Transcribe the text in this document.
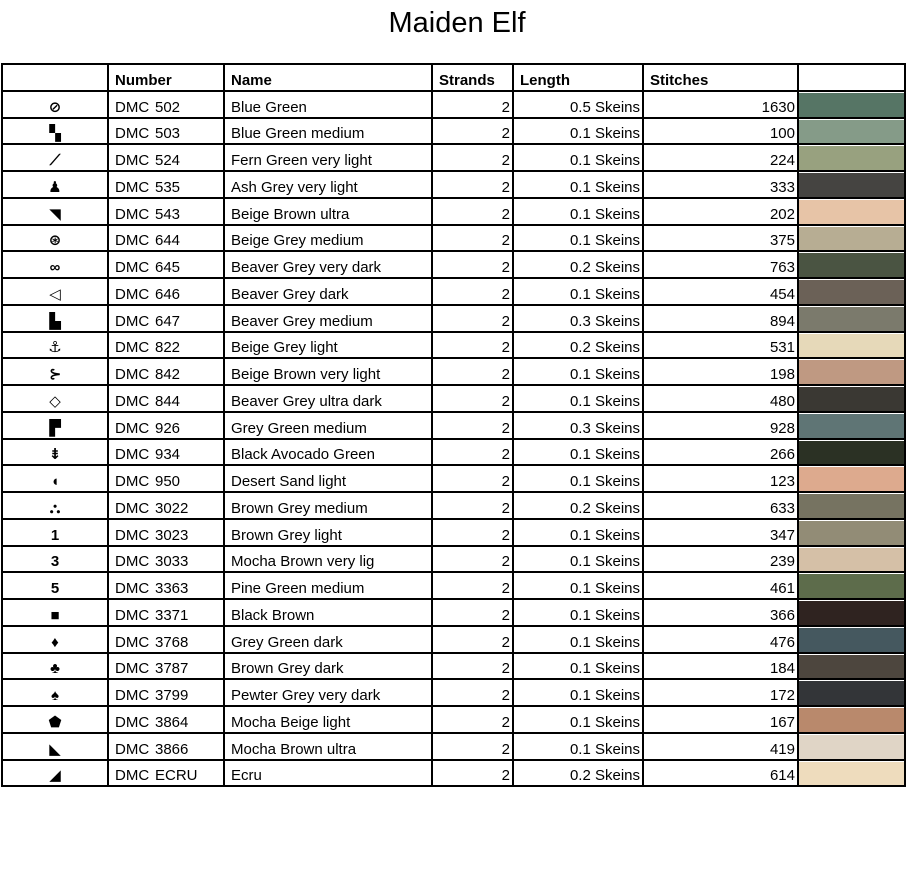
Maiden Elf
	Number	Name	Strands	Length	Stitches	
⊘	DMC 502	Blue Green	2	0.5 Skeins	1630	

▚	DMC 503	Blue Green medium	2	0.1 Skeins	100	

⟋	DMC 524	Fern Green very light	2	0.1 Skeins	224	

♟	DMC 535	Ash Grey very light	2	0.1 Skeins	333	

◥	DMC 543	Beige Brown ultra	2	0.1 Skeins	202	

⊛	DMC 644	Beige Grey medium	2	0.1 Skeins	375	

∞	DMC 645	Beaver Grey very dark	2	0.2 Skeins	763	

◁	DMC 646	Beaver Grey dark	2	0.1 Skeins	454	

▙	DMC 647	Beaver Grey medium	2	0.3 Skeins	894	

⚓	DMC 822	Beige Grey light	2	0.2 Skeins	531	

⊱	DMC 842	Beige Brown very light	2	0.1 Skeins	198	

◇	DMC 844	Beaver Grey ultra dark	2	0.1 Skeins	480	

▛	DMC 926	Grey Green medium	2	0.3 Skeins	928	

⇟	DMC 934	Black Avocado Green	2	0.1 Skeins	266	

◖	DMC 950	Desert Sand light	2	0.1 Skeins	123	

⛬	DMC 3022	Brown Grey medium	2	0.2 Skeins	633	

1	DMC 3023	Brown Grey light	2	0.1 Skeins	347	

3	DMC 3033	Mocha Brown very lig	2	0.1 Skeins	239	

5	DMC 3363	Pine Green medium	2	0.1 Skeins	461	

■	DMC 3371	Black Brown	2	0.1 Skeins	366	

♦	DMC 3768	Grey Green dark	2	0.1 Skeins	476	

♣	DMC 3787	Brown Grey dark	2	0.1 Skeins	184	

♠	DMC 3799	Pewter Grey very dark	2	0.1 Skeins	172	

⬟	DMC 3864	Mocha Beige light	2	0.1 Skeins	167	

◣	DMC 3866	Mocha Brown ultra	2	0.1 Skeins	419	

◢	DMC ECRU	Ecru	2	0.2 Skeins	614	
